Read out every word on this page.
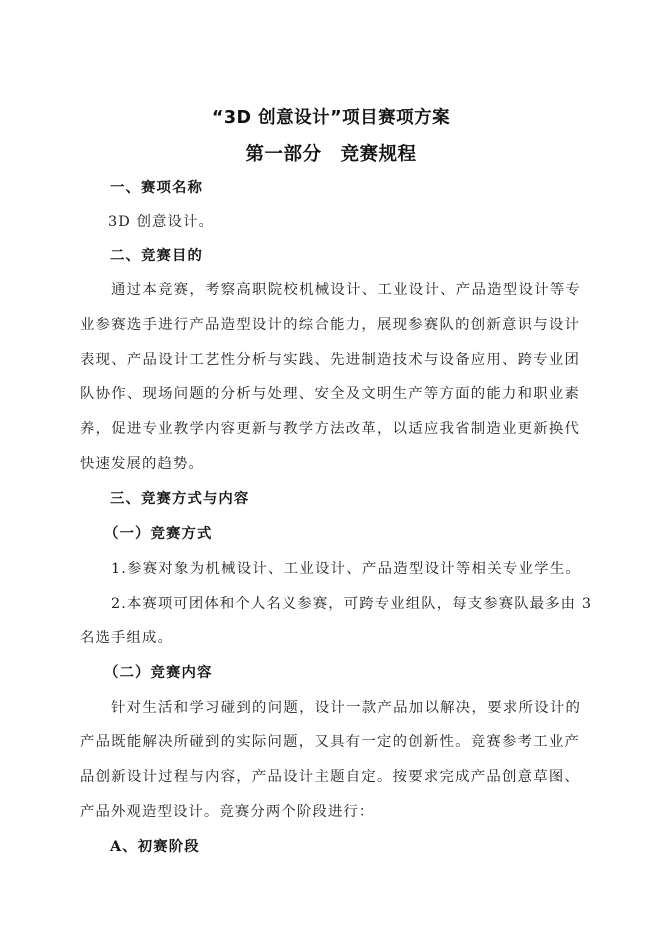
“3D 创意设计”项目赛项方案
第一部分　竞赛规程
一、赛项名称
3D 创意设计。
二、竞赛目的
通过本竞赛，考察高职院校机械设计、工业设计、产品造型设计等专
业参赛选手进行产品造型设计的综合能力，展现参赛队的创新意识与设计
表现、产品设计工艺性分析与实践、先进制造技术与设备应用、跨专业团
队协作、现场问题的分析与处理、安全及文明生产等方面的能力和职业素
养，促进专业教学内容更新与教学方法改革，以适应我省制造业更新换代
快速发展的趋势。
三、竞赛方式与内容
（一）竞赛方式
1.参赛对象为机械设计、工业设计、产品造型设计等相关专业学生。
2.本赛项可团体和个人名义参赛，可跨专业组队，每支参赛队最多由 3
名选手组成。
（二）竞赛内容
针对生活和学习碰到的问题，设计一款产品加以解决，要求所设计的
产品既能解决所碰到的实际问题，又具有一定的创新性。竞赛参考工业产
品创新设计过程与内容，产品设计主题自定。按要求完成产品创意草图、
产品外观造型设计。竞赛分两个阶段进行：
A、初赛阶段
